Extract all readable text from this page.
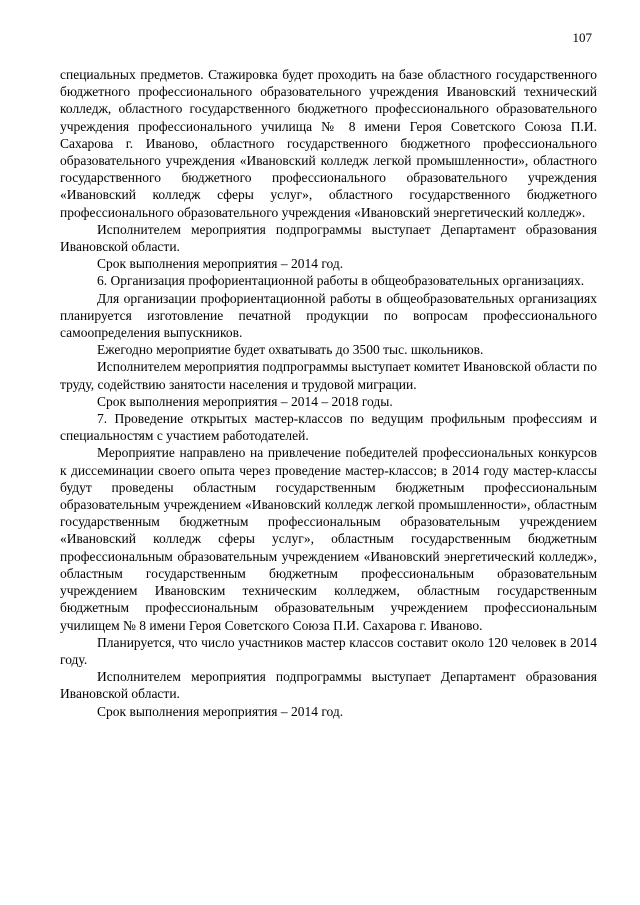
107

специальных предметов. Стажировка будет проходить на базе областного государственного бюджетного профессионального образовательного учреждения Ивановский технический колледж, областного государственного бюджетного профессионального образовательного учреждения профессионального училища № 8 имени Героя Советского Союза П.И. Сахарова г. Иваново, областного государственного бюджетного профессионального образовательного учреждения «Ивановский колледж легкой промышленности», областного государственного бюджетного профессионального образовательного учреждения «Ивановский колледж сферы услуг», областного государственного бюджетного профессионального образовательного учреждения «Ивановский энергетический колледж».

Исполнителем мероприятия подпрограммы выступает Департамент образования Ивановской области.

Срок выполнения мероприятия – 2014 год.

6. Организация профориентационной работы в общеобразовательных организациях.

Для организации профориентационной работы в общеобразовательных организациях планируется изготовление печатной продукции по вопросам профессионального самоопределения выпускников.

Ежегодно мероприятие будет охватывать до 3500 тыс. школьников.

Исполнителем мероприятия подпрограммы выступает комитет Ивановской области по труду, содействию занятости населения и трудовой миграции.

Срок выполнения мероприятия – 2014 – 2018 годы.

7. Проведение открытых мастер-классов по ведущим профильным профессиям и специальностям с участием работодателей.

Мероприятие направлено на привлечение победителей профессиональных конкурсов к диссеминации своего опыта через проведение мастер-классов; в 2014 году мастер-классы будут проведены областным государственным бюджетным профессиональным образовательным учреждением «Ивановский колледж легкой промышленности», областным государственным бюджетным профессиональным образовательным учреждением «Ивановский колледж сферы услуг», областным государственным бюджетным профессиональным образовательным учреждением «Ивановский энергетический колледж», областным государственным бюджетным профессиональным образовательным учреждением Ивановским техническим колледжем, областным государственным бюджетным профессиональным образовательным учреждением профессиональным училищем № 8 имени Героя Советского Союза П.И. Сахарова г. Иваново.

Планируется, что число участников мастер классов составит около 120 человек в 2014 году.

Исполнителем мероприятия подпрограммы выступает Департамент образования Ивановской области.

Срок выполнения мероприятия – 2014 год.
